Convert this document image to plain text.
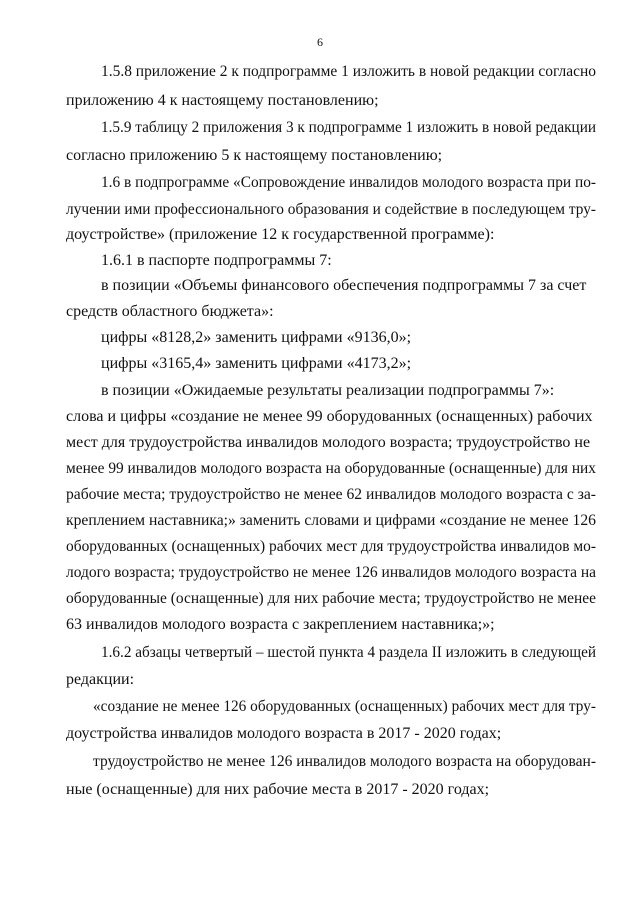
6
1.5.8 приложение 2 к подпрограмме 1 изложить в новой редакции согласно
приложению 4 к настоящему постановлению;
1.5.9 таблицу 2 приложения 3 к подпрограмме 1 изложить в новой редакции
согласно приложению 5 к настоящему постановлению;
1.6 в подпрограмме «Сопровождение инвалидов молодого возраста при по-
лучении ими профессионального образования и содействие в последующем тру-
доустройстве» (приложение 12 к государственной программе):
1.6.1 в паспорте подпрограммы 7:
в позиции «Объемы финансового обеспечения подпрограммы 7 за счет
средств областного бюджета»:
цифры «8128,2» заменить цифрами «9136,0»;
цифры «3165,4» заменить цифрами «4173,2»;
в позиции «Ожидаемые результаты реализации подпрограммы 7»:
слова и цифры «создание не менее 99 оборудованных (оснащенных) рабочих
мест для трудоустройства инвалидов молодого возраста; трудоустройство не
менее 99 инвалидов молодого возраста на оборудованные (оснащенные) для них
рабочие места; трудоустройство не менее 62 инвалидов молодого возраста с за-
креплением наставника;» заменить словами и цифрами «создание не менее 126
оборудованных (оснащенных) рабочих мест для трудоустройства инвалидов мо-
лодого возраста; трудоустройство не менее 126 инвалидов молодого возраста на
оборудованные (оснащенные) для них рабочие места; трудоустройство не менее
63 инвалидов молодого возраста с закреплением наставника;»;
1.6.2 абзацы четвертый – шестой пункта 4 раздела II изложить в следующей
редакции:
«создание не менее 126 оборудованных (оснащенных) рабочих мест для тру-
доустройства инвалидов молодого возраста в 2017 - 2020 годах;
трудоустройство не менее 126 инвалидов молодого возраста на оборудован-
ные (оснащенные) для них рабочие места в 2017 - 2020 годах;
